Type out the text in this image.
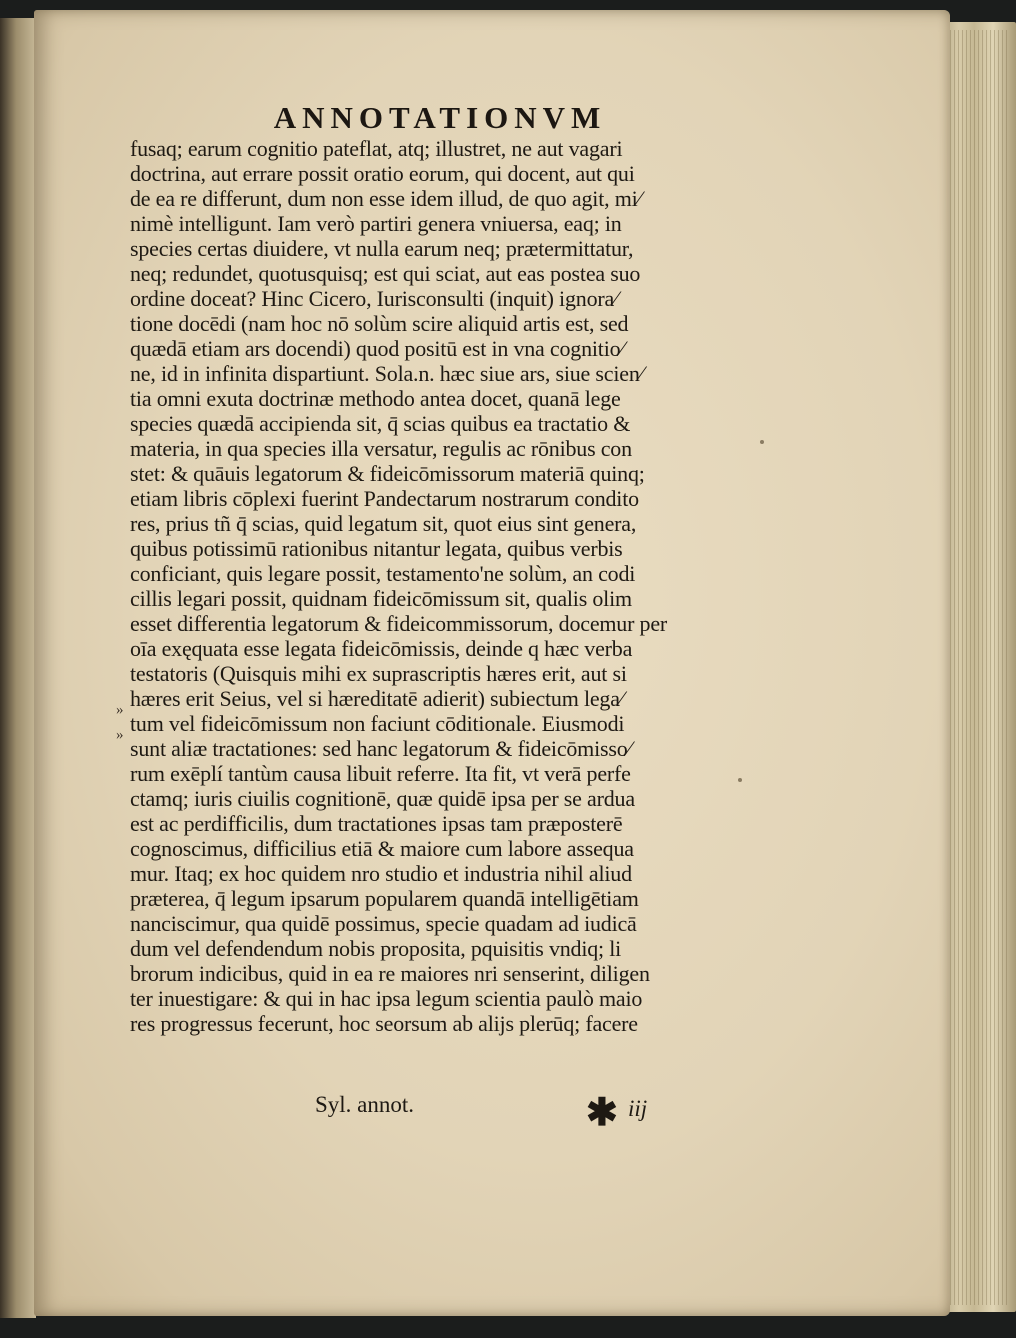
ANNOTATIONVM
fusaq; earum cognitio pateflat, atq; illustret, ne aut vagari
doctrina, aut errare possit oratio eorum, qui docent, aut qui
de ea re differunt, dum non esse idem illud, de quo agit, mi⁄
nimè intelligunt. Iam verò partiri genera vniuersa, eaq; in
species certas diuidere, vt nulla earum neq; prætermittatur,
neq; redundet, quotusquisq; est qui sciat, aut eas postea suo
ordine doceat? Hinc Cicero, Iurisconsulti (inquit) ignora⁄
tione docēdi (nam hoc nō solùm scire aliquid artis est, sed
quædā etiam ars docendi) quod positū est in vna cognitio⁄
ne, id in infinita dispartiunt. Sola.n. hæc siue ars, siue scien⁄
tia omni exuta doctrinæ methodo antea docet, quanā lege
species quædā accipienda sit, q̄ scias quibus ea tractatio &
materia, in qua species illa versatur, regulis ac rōnibus con
stet: & quāuis legatorum & fideicōmissorum materiā quinq;
etiam libris cōplexi fuerint Pandectarum nostrarum condito
res, prius tñ q̄ scias, quid legatum sit, quot eius sint genera,
quibus potissimū rationibus nitantur legata, quibus verbis
conficiant, quis legare possit, testamento'ne solùm, an codi
cillis legari possit, quidnam fideicōmissum sit, qualis olim
esset differentia legatorum & fideicommissorum, docemur per
oīa exęquata esse legata fideicōmissis, deinde q hæc verba
testatoris (Quisquis mihi ex suprascriptis hæres erit, aut si
hæres erit Seius, vel si hæreditatē adierit) subiectum lega⁄
tum vel fideicōmissum non faciunt cōditionale. Eiusmodi
sunt aliæ tractationes: sed hanc legatorum & fideicōmisso⁄
rum exēplí tantùm causa libuit referre. Ita fit, vt verā perfe
ctamq; iuris ciuilis cognitionē, quæ quidē ipsa per se ardua
est ac perdifficilis, dum tractationes ipsas tam præposterē
cognoscimus, difficilius etiā & maiore cum labore assequa
mur. Itaq; ex hoc quidem nro studio et industria nihil aliud
præterea, q̄ legum ipsarum popularem quandā intelligētiam
nanciscimur, qua quidē possimus, specie quadam ad iudicā
dum vel defendendum nobis proposita, pquisitis vndiq; li
brorum indicibus, quid in ea re maiores nri senserint, diligen
ter inuestigare: & qui in hac ipsa legum scientia paulò maio
res progressus fecerunt, hoc seorsum ab alijs plerūq; facere
»
»
Syl. annot.	✱ iij
